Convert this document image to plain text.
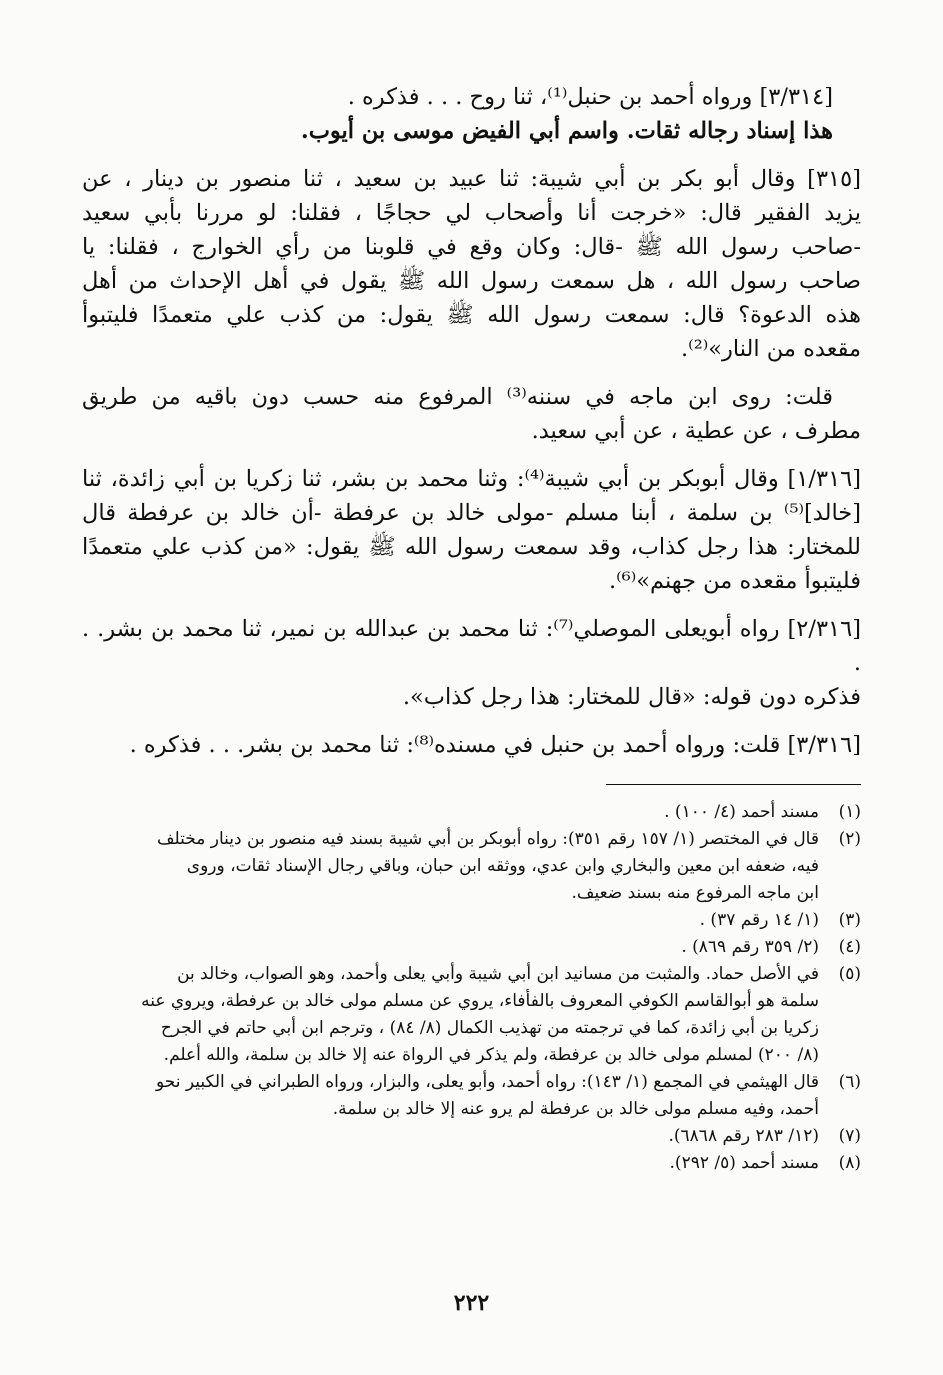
[٣/٣١٤] ورواه أحمد بن حنبل⁽¹⁾، ثنا روح . . . فذكره .
هذا إسناد رجاله ثقات. واسم أبي الفيض موسى بن أيوب.
[٣١٥] وقال أبو بكر بن أبي شيبة: ثنا عبيد بن سعيد ، ثنا منصور بن دينار ، عن
يزيد الفقير قال: «خرجت أنا وأصحاب لي حجاجًا ، فقلنا: لو مررنا بأبي سعيد
-صاحب رسول الله ﷺ -قال: وكان وقع في قلوبنا من رأي الخوارج ، فقلنا: يا
صاحب رسول الله ، هل سمعت رسول الله ﷺ يقول في أهل الإحداث من أهل
هذه الدعوة؟ قال: سمعت رسول الله ﷺ يقول: من كذب علي متعمدًا فليتبوأ
مقعده من النار»⁽²⁾.
قلت: روى ابن ماجه في سننه⁽³⁾ المرفوع منه حسب دون باقيه من طريق
مطرف ، عن عطية ، عن أبي سعيد.
[١/٣١٦] وقال أبوبكر بن أبي شيبة⁽⁴⁾: وثنا محمد بن بشر، ثنا زكريا بن أبي زائدة، ثنا
[خالد]⁽⁵⁾ بن سلمة ، أبنا مسلم -مولى خالد بن عرفطة -أن خالد بن عرفطة قال
للمختار: هذا رجل كذاب، وقد سمعت رسول الله ﷺ يقول: «من كذب علي متعمدًا
فليتبوأ مقعده من جهنم»⁽⁶⁾.
[٢/٣١٦] رواه أبويعلى الموصلي⁽⁷⁾: ثنا محمد بن عبدالله بن نمير، ثنا محمد بن بشر. . .
فذكره دون قوله: «قال للمختار: هذا رجل كذاب».
[٣/٣١٦] قلت: ورواه أحمد بن حنبل في مسنده⁽⁸⁾: ثنا محمد بن بشر. . . فذكره .
(١)مسند أحمد (٤/ ١٠٠) .
(٢)قال في المختصر (١/ ١٥٧ رقم ٣٥١): رواه أبوبكر بن أبي شيبة بسند فيه منصور بن دينار مختلف
فيه، ضعفه ابن معين والبخاري وابن عدي، ووثقه ابن حبان، وباقي رجال الإسناد ثقات، وروى
ابن ماجه المرفوع منه بسند ضعيف.
(٣)(١/ ١٤ رقم ٣٧) .
(٤)(٢/ ٣٥٩ رقم ٨٦٩) .
(٥)في الأصل حماد. والمثبت من مسانيد ابن أبي شيبة وأبي يعلى وأحمد، وهو الصواب، وخالد بن
سلمة هو أبوالقاسم الكوفي المعروف بالفأفاء، يروي عن مسلم مولى خالد بن عرفطة، ويروي عنه
زكريا بن أبي زائدة، كما في ترجمته من تهذيب الكمال (٨/ ٨٤) ، وترجم ابن أبي حاتم في الجرح
(٨/ ٢٠٠) لمسلم مولى خالد بن عرفطة، ولم يذكر في الرواة عنه إلا خالد بن سلمة، والله أعلم.
(٦)قال الهيثمي في المجمع (١/ ١٤٣): رواه أحمد، وأبو يعلى، والبزار، ورواه الطبراني في الكبير نحو
أحمد، وفيه مسلم مولى خالد بن عرفطة لم يرو عنه إلا خالد بن سلمة.
(٧)(١٢/ ٢٨٣ رقم ٦٨٦٨).
(٨)مسند أحمد (٥/ ٢٩٢).
٢٢٢
